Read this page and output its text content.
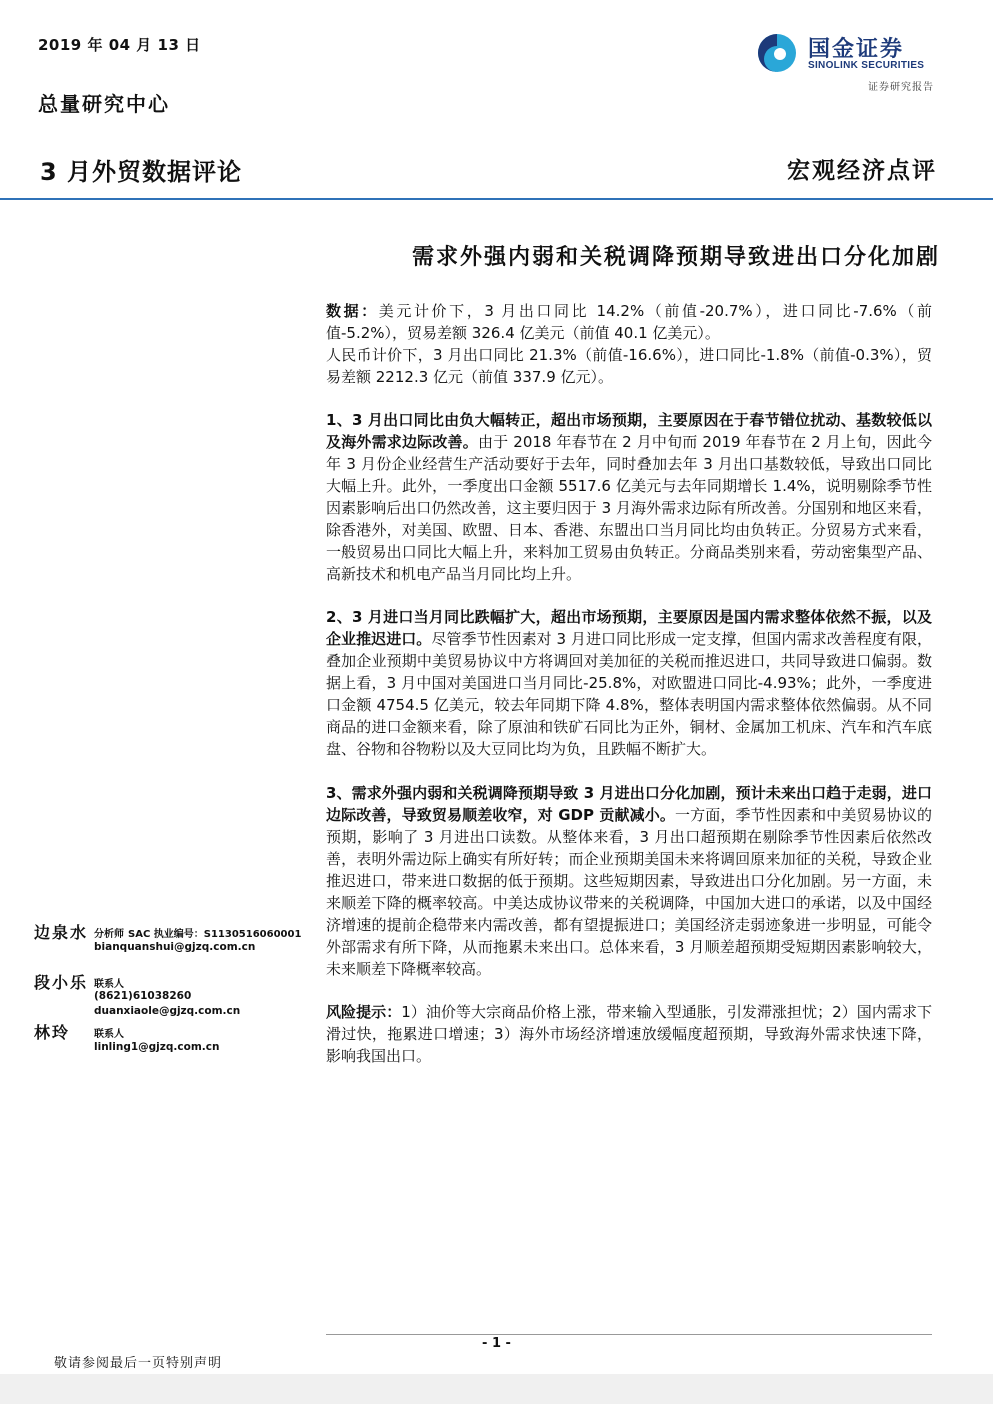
2019 年 04 月 13 日
总量研究中心
3 月外贸数据评论	宏观经济点评
国金证券
SINOLINK SECURITIES
证券研究报告
需求外强内弱和关税调降预期导致进出口分化加剧

数据：美元计价下，3 月出口同比 14.2%（前值-20.7%），进口同比-7.6%（前值-5.2%），贸易差额 326.4 亿美元（前值 40.1 亿美元）。

人民币计价下，3 月出口同比 21.3%（前值-16.6%），进口同比-1.8%（前值-0.3%），贸易差额 2212.3 亿元（前值 337.9 亿元）。

1、3 月出口同比由负大幅转正，超出市场预期，主要原因在于春节错位扰动、基数较低以及海外需求边际改善。由于 2018 年春节在 2 月中旬而 2019 年春节在 2 月上旬，因此今年 3 月份企业经营生产活动要好于去年，同时叠加去年 3 月出口基数较低，导致出口同比大幅上升。此外，一季度出口金额 5517.6 亿美元与去年同期增长 1.4%，说明剔除季节性因素影响后出口仍然改善，这主要归因于 3 月海外需求边际有所改善。分国别和地区来看，除香港外，对美国、欧盟、日本、香港、东盟出口当月同比均由负转正。分贸易方式来看，一般贸易出口同比大幅上升，来料加工贸易由负转正。分商品类别来看，劳动密集型产品、高新技术和机电产品当月同比均上升。

2、3 月进口当月同比跌幅扩大，超出市场预期，主要原因是国内需求整体依然不振，以及企业推迟进口。尽管季节性因素对 3 月进口同比形成一定支撑，但国内需求改善程度有限，叠加企业预期中美贸易协议中方将调回对美加征的关税而推迟进口，共同导致进口偏弱。数据上看，3 月中国对美国进口当月同比-25.8%，对欧盟进口同比-4.93%；此外，一季度进口金额 4754.5 亿美元，较去年同期下降 4.8%，整体表明国内需求整体依然偏弱。从不同商品的进口金额来看，除了原油和铁矿石同比为正外，铜材、金属加工机床、汽车和汽车底盘、谷物和谷物粉以及大豆同比均为负，且跌幅不断扩大。

3、需求外强内弱和关税调降预期导致 3 月进出口分化加剧，预计未来出口趋于走弱，进口边际改善，导致贸易顺差收窄，对 GDP 贡献减小。一方面，季节性因素和中美贸易协议的预期，影响了 3 月进出口读数。从整体来看，3 月出口超预期在剔除季节性因素后依然改善，表明外需边际上确实有所好转；而企业预期美国未来将调回原来加征的关税，导致企业推迟进口，带来进口数据的低于预期。这些短期因素，导致进出口分化加剧。另一方面，未来顺差下降的概率较高。中美达成协议带来的关税调降，中国加大进口的承诺，以及中国经济增速的提前企稳带来内需改善，都有望提振进口；美国经济走弱迹象进一步明显，可能令外部需求有所下降，从而拖累未来出口。总体来看，3 月顺差超预期受短期因素影响较大，未来顺差下降概率较高。

风险提示：1）油价等大宗商品价格上涨，带来输入型通胀，引发滞涨担忧；2）国内需求下滑过快，拖累进口增速；3）海外市场经济增速放缓幅度超预期，导致海外需求快速下降，影响我国出口。

边泉水 分析师 SAC 执业编号：S1130516060001
bianquanshui@gjzq.com.cn
段小乐 联系人
(8621)61038260
duanxiaole@gjzq.com.cn
林玲 联系人
linling1@gjzq.com.cn
- 1 -
敬请参阅最后一页特别声明
